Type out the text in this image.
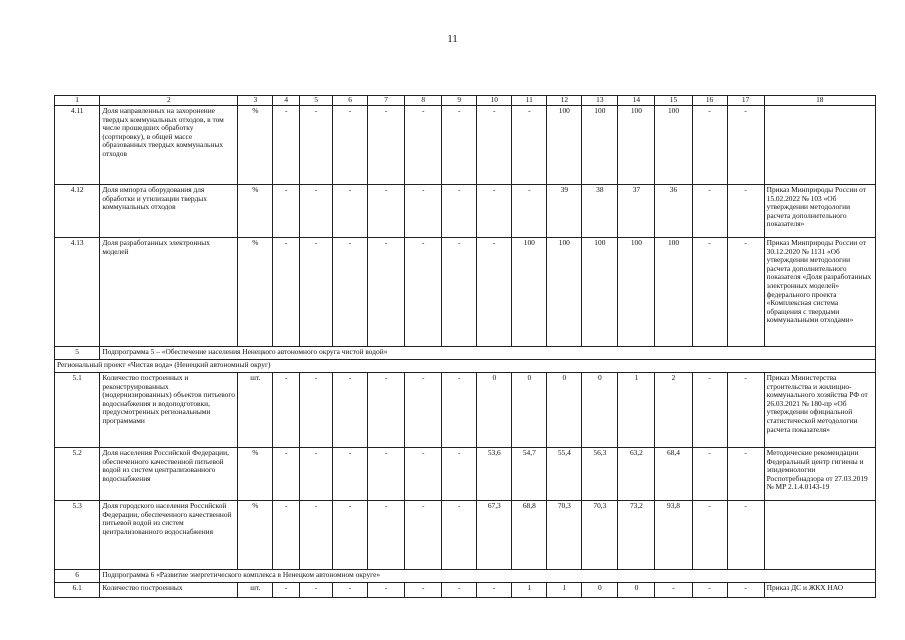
11
1	2	3	4	5	6	7	8	9	10	11	12	13	14	15	16	17	18
4.11	Доля направленных на захоронение твердых коммунальных отходов, в том числе прошедших обработку (сортировку), в общей массе образованных твердых коммунальных отходов	%	-	-	-	-	-	-	-	-	100	100	100	100	-	-	
4.12	Доля импорта оборудования для обработки и утилизации твердых коммунальных отходов	%	-	-	-	-	-	-	-	-	39	38	37	36	-	-	Приказ Минприроды России от 15.02.2022 № 103 «Об утверждении методологии расчета дополнительного показателя»
4.13	Доля разработанных электронных моделей	%	-	-	-	-	-	-	-	100	100	100	100	100	-	-	Приказ Минприроды России от 30.12.2020 № 1131 «Об утверждении методологии расчета дополнительного показателя «Доля разработанных электронных моделей» федерального проекта «Комплексная система обращения с твердыми коммунальными отходами»
5	Подпрограмма 5 – «Обеспечение населения Ненецкого автономного округа чистой водой»																
Региональный проект «Чистая вода» (Ненецкий автономный округ)																	
5.1	Количество построенных и реконструированных (модернизированных) объектов питьевого водоснабжения и водоподготовки, предусмотренных региональными программами	шт.	-	-	-	-	-	-	0	0	0	0	1	2	-	-	Приказ Министерства строительства и жилищно-коммунального хозяйства РФ от 26.03.2021 № 180-пр «Об утверждении официальной статистической методологии расчета показателя»
5.2	Доля населения Российской Федерации, обеспеченного качественной питьевой водой из систем централизованного водоснабжения	%	-	-	-	-	-	-	53,6	54,7	55,4	56,3	63,2	68,4	-	-	Методические рекомендации Федеральный центр гигиены и эпидемиологии Роспотребнадзора от 27.03.2019 № МР 2.1.4.0143-19
5.3	Доля городского населения Российской Федерации, обеспеченного качественной питьевой водой из систем централизованного водоснабжения	%	-	-	-	-	-	-	67,3	68,8	70,3	70,3	73,2	93,8	-	-	
6	Подпрограмма 6 «Развитие энергетического комплекса в Ненецком автономном округе»																
6.1	Количество построенных	шт.	-	-	-	-	-	-	-	1	1	0	0	-	-	-	Приказ ДС и ЖКХ НАО
